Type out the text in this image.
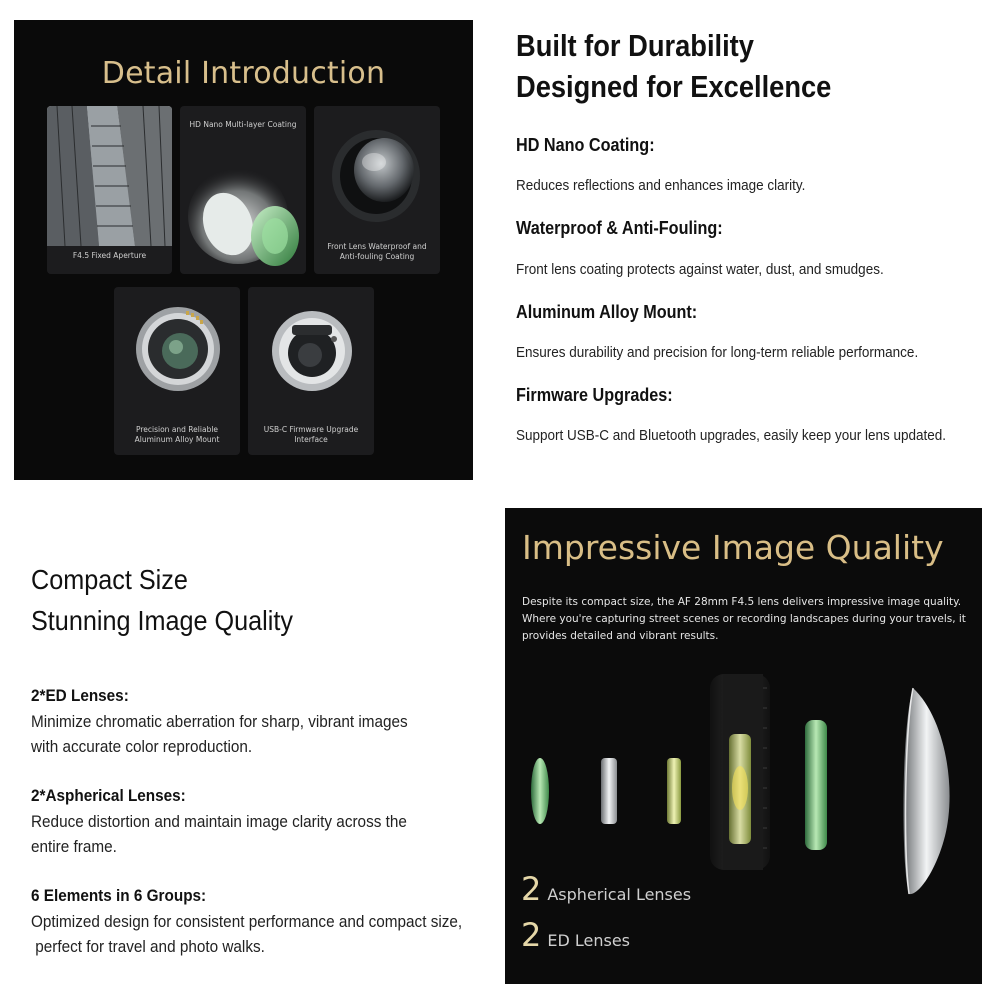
Detail Introduction
F4.5 Fixed Aperture
HD Nano Multi-layer Coating
Front Lens Waterproof and Anti-fouling Coating
Precision and Reliable Aluminum Alloy Mount
USB-C Firmware Upgrade Interface
Built for Durability
Designed for Excellence
HD Nano Coating:
Reduces reflections and enhances image clarity.
Waterproof & Anti-Fouling:
Front lens coating protects against water, dust, and smudges.
Aluminum Alloy Mount:
Ensures durability and precision for long-term reliable performance.
Firmware Upgrades:
Support USB-C and Bluetooth upgrades, easily keep your lens updated.
Compact Size
Stunning Image Quality
2*ED Lenses:
Minimize chromatic aberration for sharp, vibrant images
with accurate color reproduction.
2*Aspherical Lenses:
Reduce distortion and maintain image clarity across the
entire frame.
6 Elements in 6 Groups:
Optimized design for consistent performance and compact size,
perfect for travel and photo walks.
Impressive Image Quality
Despite its compact size, the AF 28mm F4.5 lens delivers impressive image quality. Where you're capturing street scenes or recording landscapes during your travels, it provides detailed and vibrant results.
2 Aspherical Lenses
2 ED Lenses
